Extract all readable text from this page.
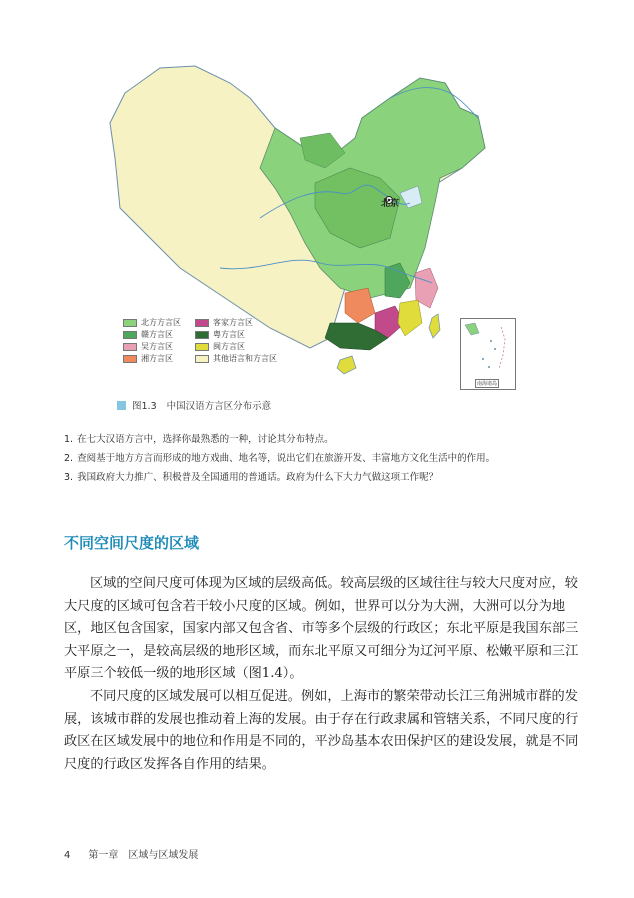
北京
北方方言区
赣方言区
吴方言区
湘方言区
客家方言区
粤方言区
闽方言区
其他语言和方言区
南海诸岛
图1.3 中国汉语方言区分布示意
1. 在七大汉语方言中，选择你最熟悉的一种，讨论其分布特点。
2. 查阅基于地方方言而形成的地方戏曲、地名等，说出它们在旅游开发、丰富地方文化生活中的作用。
3. 我国政府大力推广、积极普及全国通用的普通话。政府为什么下大力气做这项工作呢？
不同空间尺度的区域
区域的空间尺度可体现为区域的层级高低。较高层级的区域往往与较大尺度对应，较
大尺度的区域可包含若干较小尺度的区域。例如，世界可以分为大洲，大洲可以分为地
区，地区包含国家，国家内部又包含省、市等多个层级的行政区；东北平原是我国东部三
大平原之一，是较高层级的地形区域，而东北平原又可细分为辽河平原、松嫩平原和三江
平原三个较低一级的地形区域（图1.4）。
不同尺度的区域发展可以相互促进。例如，上海市的繁荣带动长江三角洲城市群的发
展，该城市群的发展也推动着上海的发展。由于存在行政隶属和管辖关系，不同尺度的行
政区在区域发展中的地位和作用是不同的，平沙岛基本农田保护区的建设发展，就是不同
尺度的行政区发挥各自作用的结果。
4 第一章　区域与区域发展
